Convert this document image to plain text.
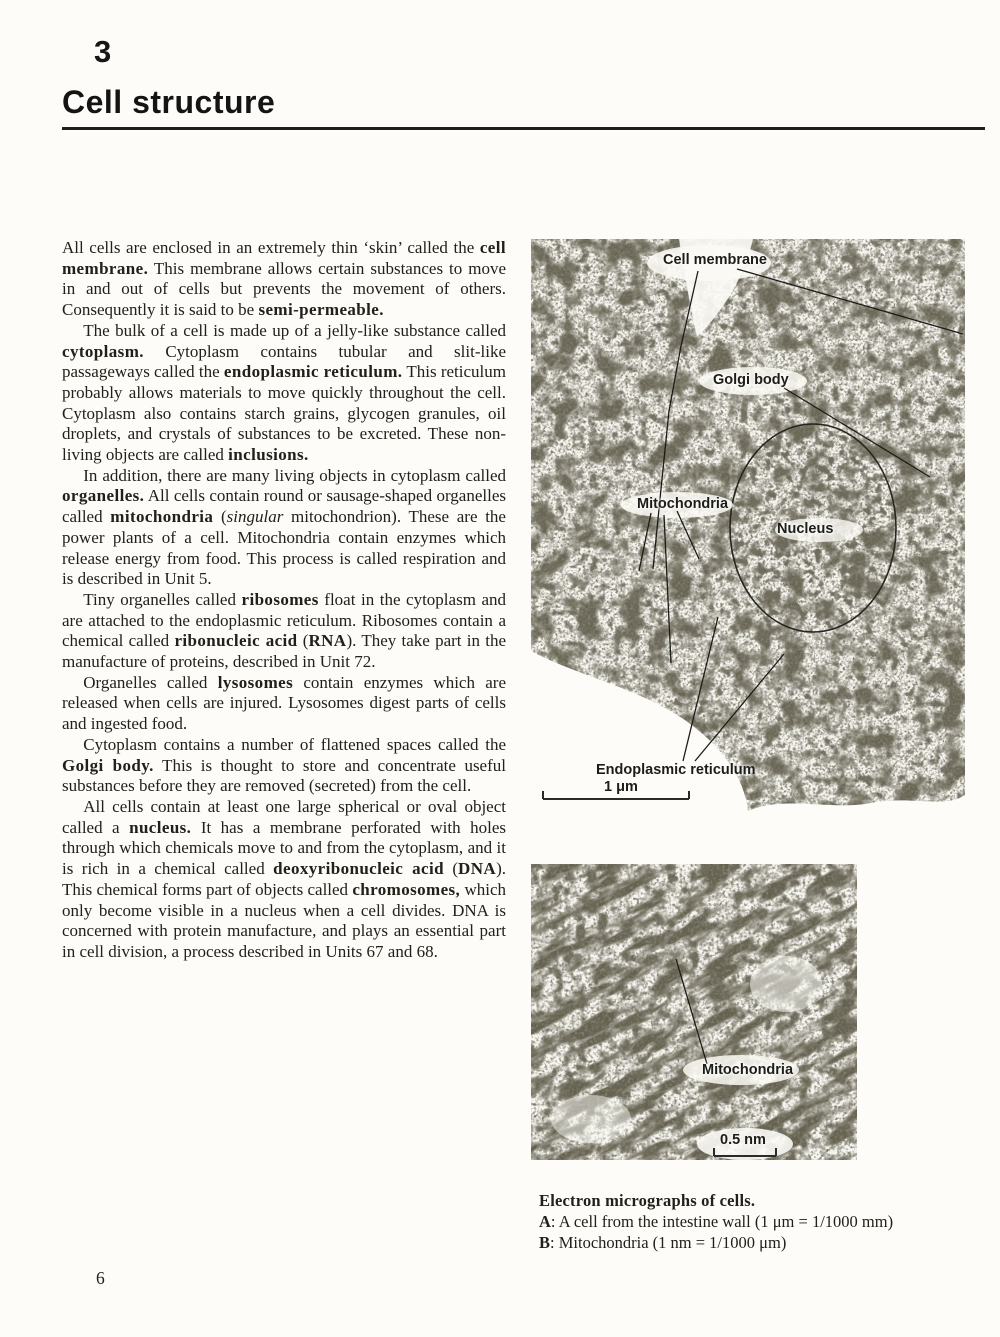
3
Cell structure

All cells are enclosed in an extremely thin ‘skin’ called the cell membrane. This membrane allows certain substances to move in and out of cells but prevents the movement of others. Consequently it is said to be semi-permeable.

The bulk of a cell is made up of a jelly-like substance called cytoplasm. Cytoplasm contains tubular and slit-like passageways called the endoplasmic reticulum. This reticulum probably allows materials to move quickly throughout the cell. Cytoplasm also contains starch grains, glycogen granules, oil droplets, and crystals of substances to be excreted. These non-living objects are called inclusions.

In addition, there are many living objects in cytoplasm called organelles. All cells contain round or sausage-shaped organelles called mitochondria (singular mitochondrion). These are the power plants of a cell. Mitochondria contain enzymes which release energy from food. This process is called respiration and is described in Unit 5.

Tiny organelles called ribosomes float in the cytoplasm and are attached to the endoplasmic reticulum. Ribosomes contain a chemical called ribonucleic acid (RNA). They take part in the manufacture of proteins, described in Unit 72.

Organelles called lysosomes contain enzymes which are released when cells are injured. Lysosomes digest parts of cells and ingested food.

Cytoplasm contains a number of flattened spaces called the Golgi body. This is thought to store and concentrate useful substances before they are removed (secreted) from the cell.

All cells contain at least one large spherical or oval object called a nucleus. It has a membrane perforated with holes through which chemicals move to and from the cytoplasm, and it is rich in a chemical called deoxyribonucleic acid (DNA). This chemical forms part of objects called chromosomes, which only become visible in a nucleus when a cell divides. DNA is concerned with protein manufacture, and plays an essential part in cell division, a process described in Units 67 and 68.

Cell membrane
Golgi body
Mitochondria
Nucleus
Endoplasmic reticulum
1 μm
Mitochondria
0.5 nm
Electron micrographs of cells.
A: A cell from the intestine wall (1 μm = 1/1000 mm)
B: Mitochondria (1 nm = 1/1000 μm)
6
